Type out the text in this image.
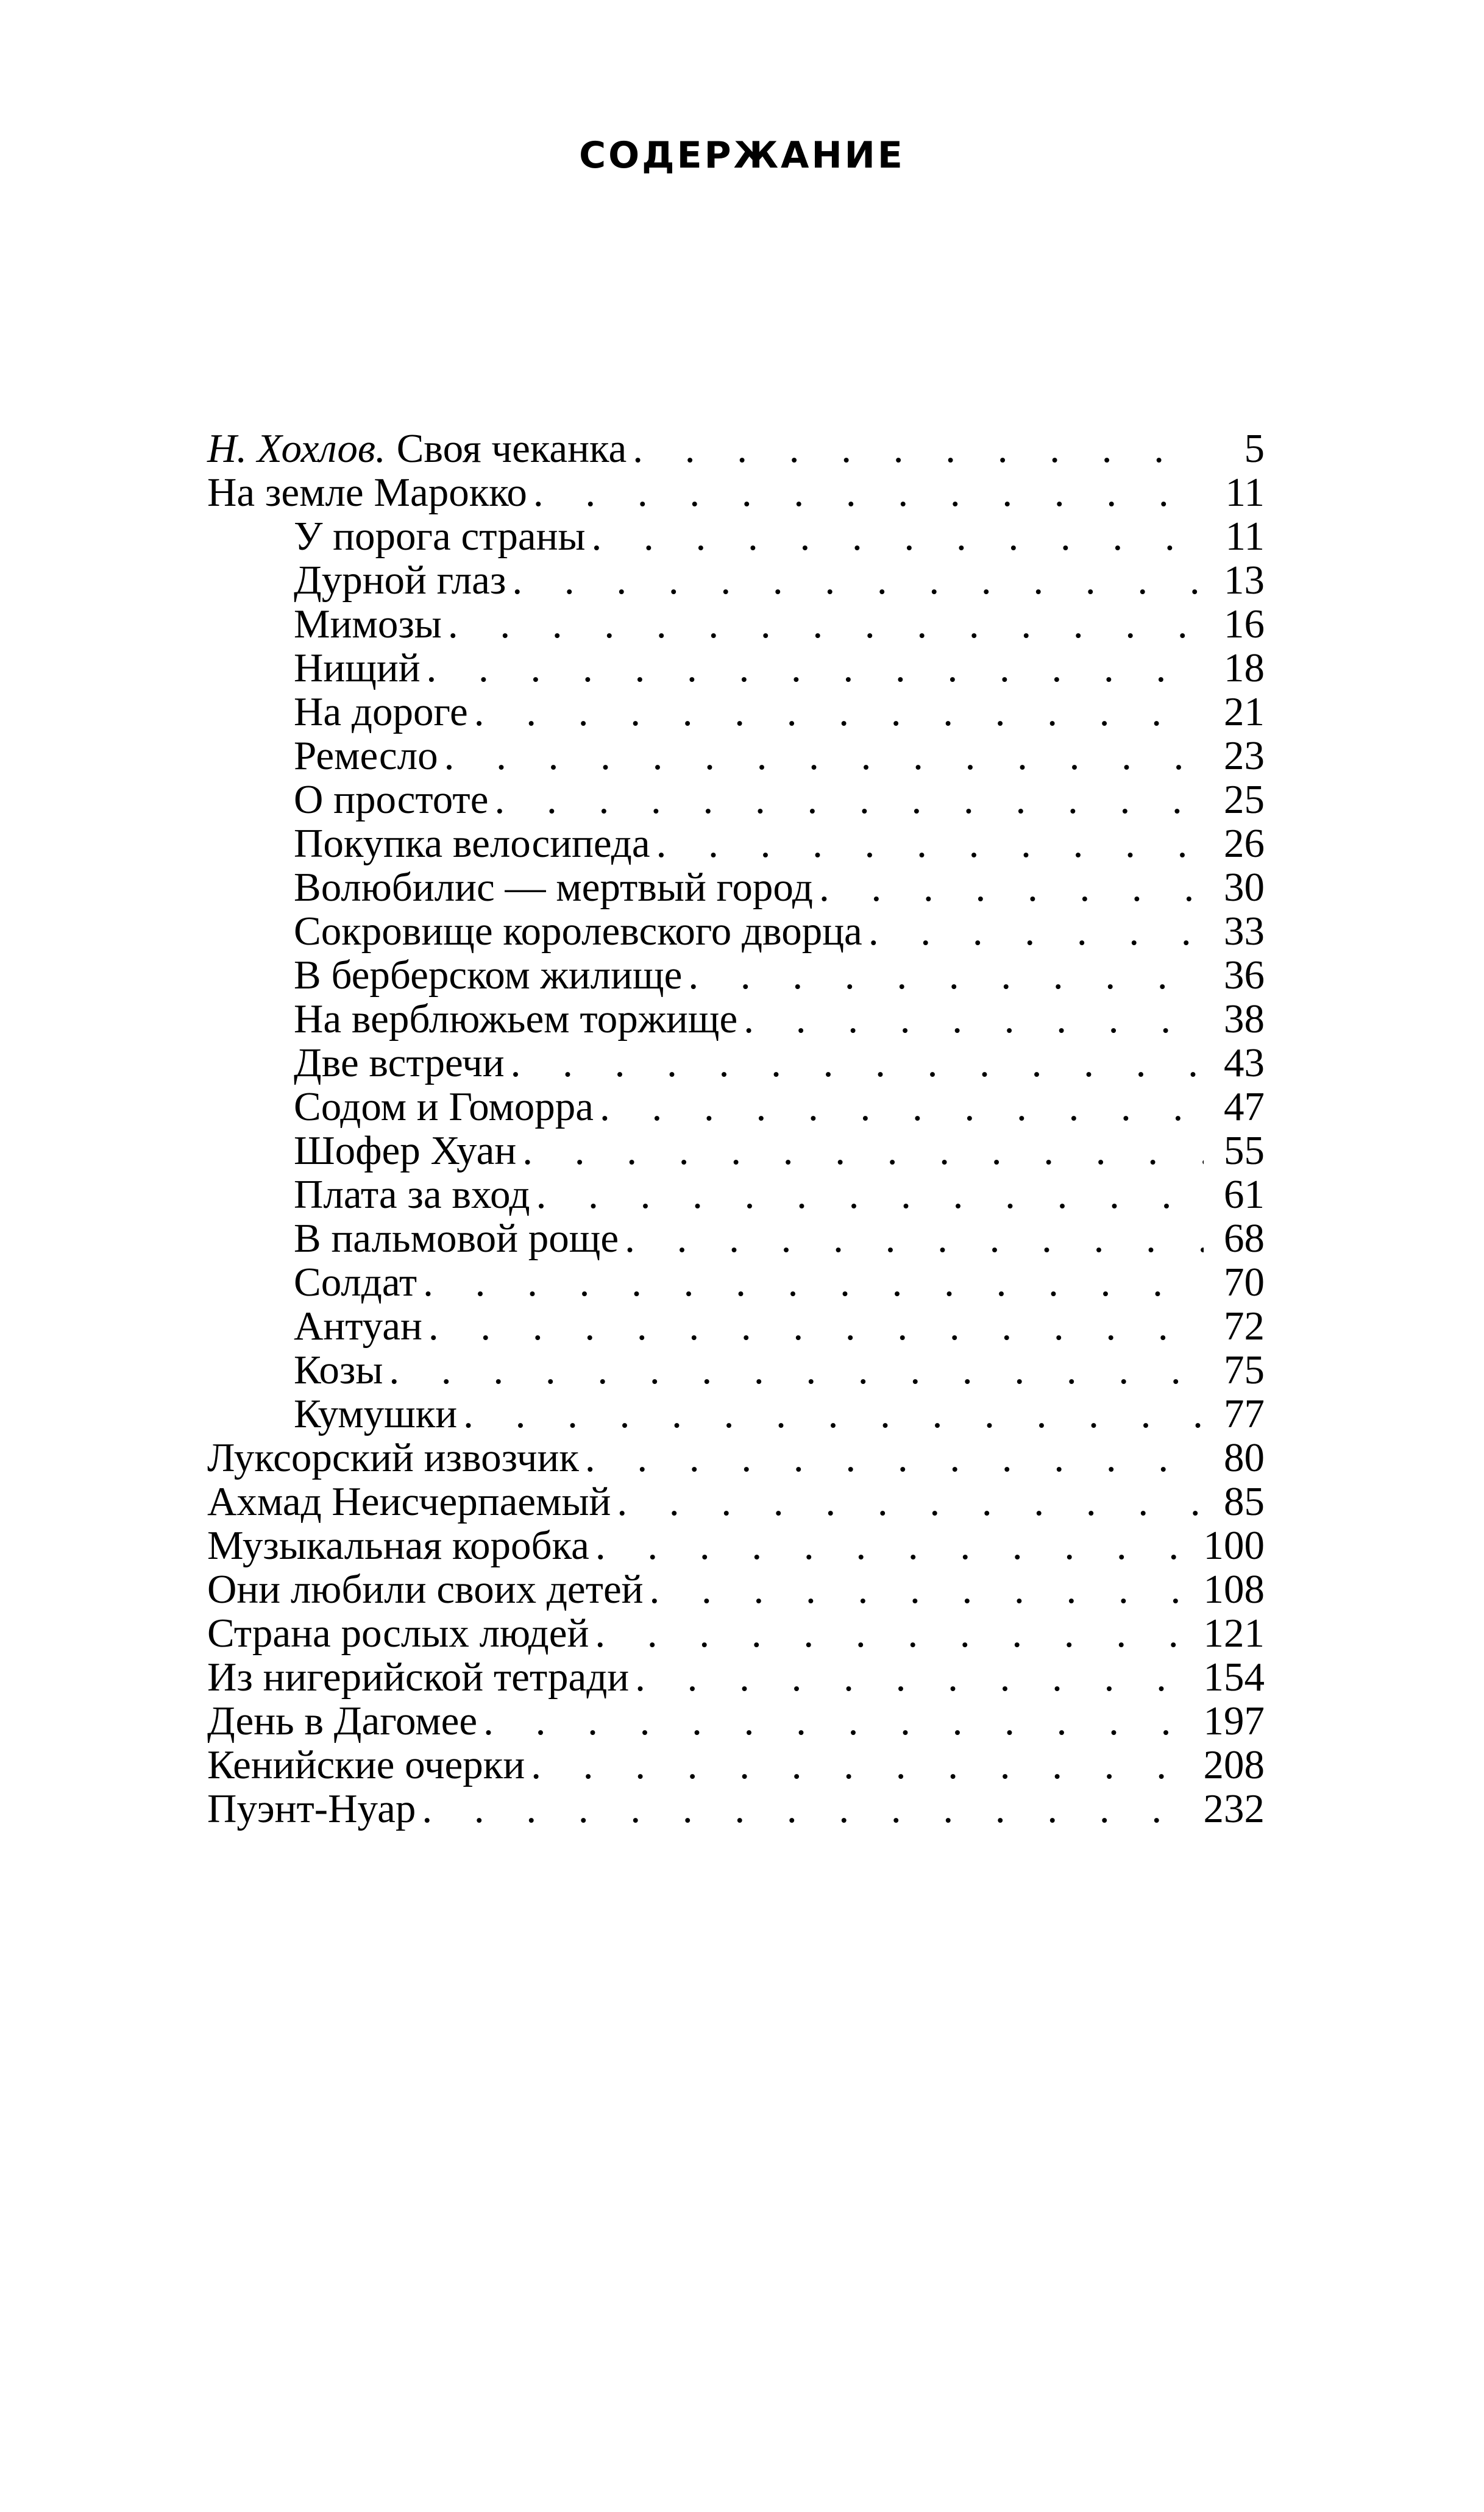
СОДЕРЖАНИЕ
Н. Хохлов. Своя чеканка . . .	5
На земле Марокко . . .	11
У порога страны . . .	11
Дурной глаз . . .	13
Мимозы . . .	16
Нищий . . .	18
На дороге . . .	21
Ремесло . . .	23
О простоте . . .	25
Покупка велосипеда . . .	26
Волюбилис — мертвый город . . .	30
Сокровище королевского дворца . . .	33
В берберском жилище . . .	36
На верблюжьем торжище . . .	38
Две встречи . . .	43
Содом и Гоморра . . .	47
Шофер Хуан . . .	55
Плата за вход . . .	61
В пальмовой роще . . .	68
Солдат . . .	70
Антуан . . .	72
Козы . . .	75
Кумушки . . .	77
Луксорский извозчик . . .	80
Ахмад Неисчерпаемый . . .	85
Музыкальная коробка . . .	100
Они любили своих детей . . .	108
Страна рослых людей . . .	121
Из нигерийской тетради . . .	154
День в Дагомее . . .	197
Кенийские очерки . . .	208
Пуэнт-Нуар . . .	232
